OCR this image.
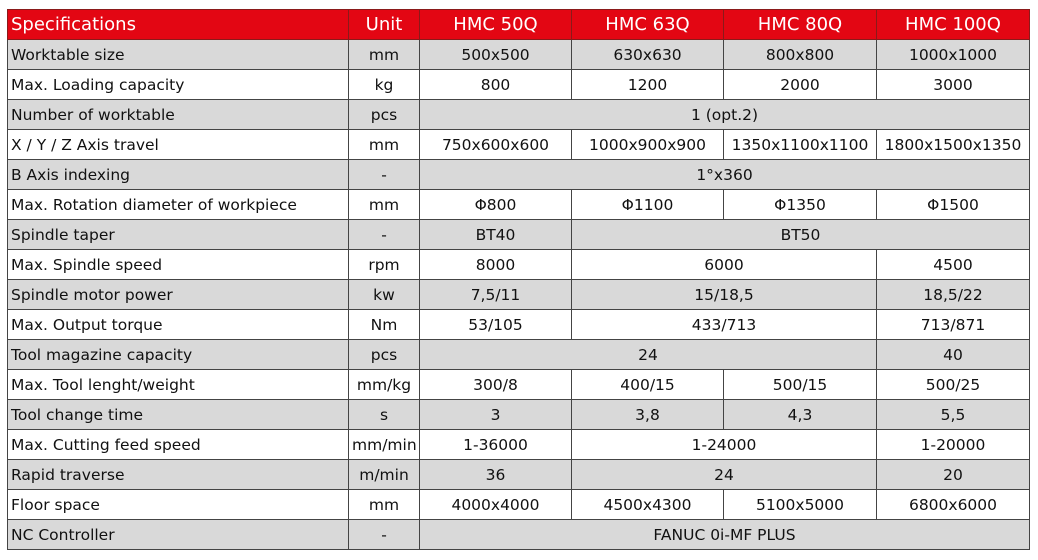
Specifications	Unit	HMC 50Q	HMC 63Q	HMC 80Q	HMC 100Q
Worktable size	mm	500x500	630x630	800x800	1000x1000
Max. Loading capacity	kg	800	1200	2000	3000
Number of worktable	pcs	1 (opt.2)			
X / Y / Z Axis travel	mm	750x600x600	1000x900x900	1350x1100x1100	1800x1500x1350
B Axis indexing	-	1°x360			
Max. Rotation diameter of workpiece	mm	Φ800	Φ1100	Φ1350	Φ1500
Spindle taper	-	BT40	BT50		
Max. Spindle speed	rpm	8000	6000		4500
Spindle motor power	kw	7,5/11	15/18,5		18,5/22
Max. Output torque	Nm	53/105	433/713		713/871
Tool magazine capacity	pcs	24			40
Max. Tool lenght/weight	mm/kg	300/8	400/15	500/15	500/25
Tool change time	s	3	3,8	4,3	5,5
Max. Cutting feed speed	mm/min	1-36000	1-24000		1-20000
Rapid traverse	m/min	36	24		20
Floor space	mm	4000x4000	4500x4300	5100x5000	6800x6000
NC Controller	-	FANUC 0i-MF PLUS			
